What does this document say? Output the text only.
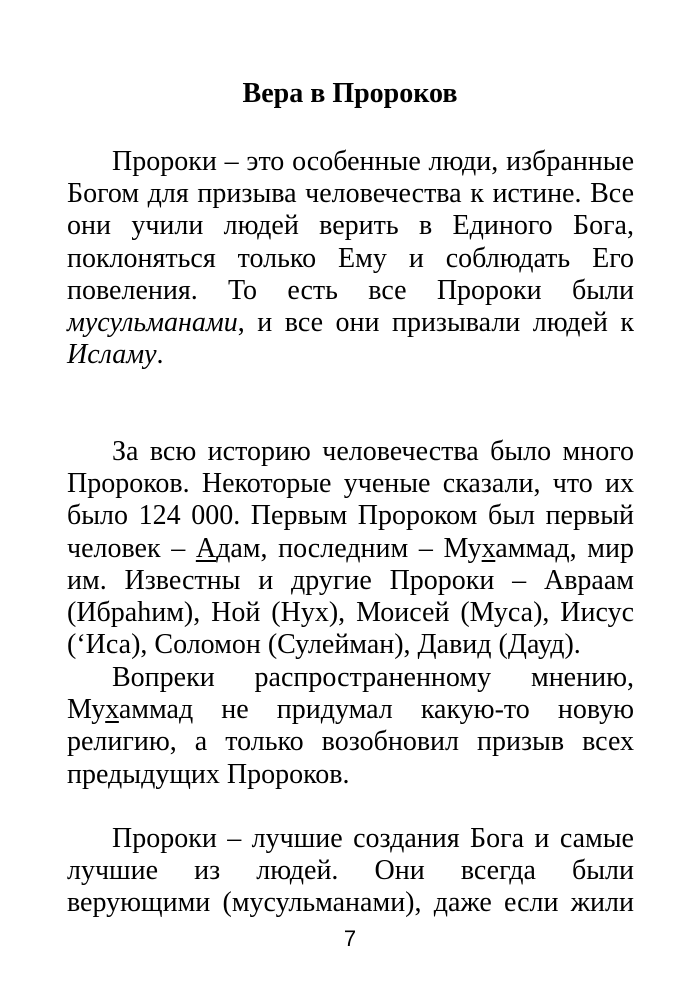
Вера в Пророков
Пророки – это особенные люди, избранные
Богом для призыва человечества к истине. Все
они учили людей верить в Единого Бога,
поклоняться только Ему и соблюдать Его
повеления. То есть все Пророки были
мусульманами, и все они призывали людей к
Исламу.
За всю историю человечества было много
Пророков. Некоторые ученые сказали, что их
было 124 000. Первым Пророком был первый
человек – Адам, последним – Мухаммад, мир
им. Известны и другие Пророки – Авраам
(Ибраһим), Ной (Нух), Моисей (Муса), Иисус
(‘Иса), Соломон (Сулейман), Давид (Дауд).
Вопреки распространенному мнению,
Мухаммад не придумал какую-то новую
религию, а только возобновил призыв всех
предыдущих Пророков.
Пророки – лучшие создания Бога и самые
лучшие из людей. Они всегда были
верующими (мусульманами), даже если жили
7
